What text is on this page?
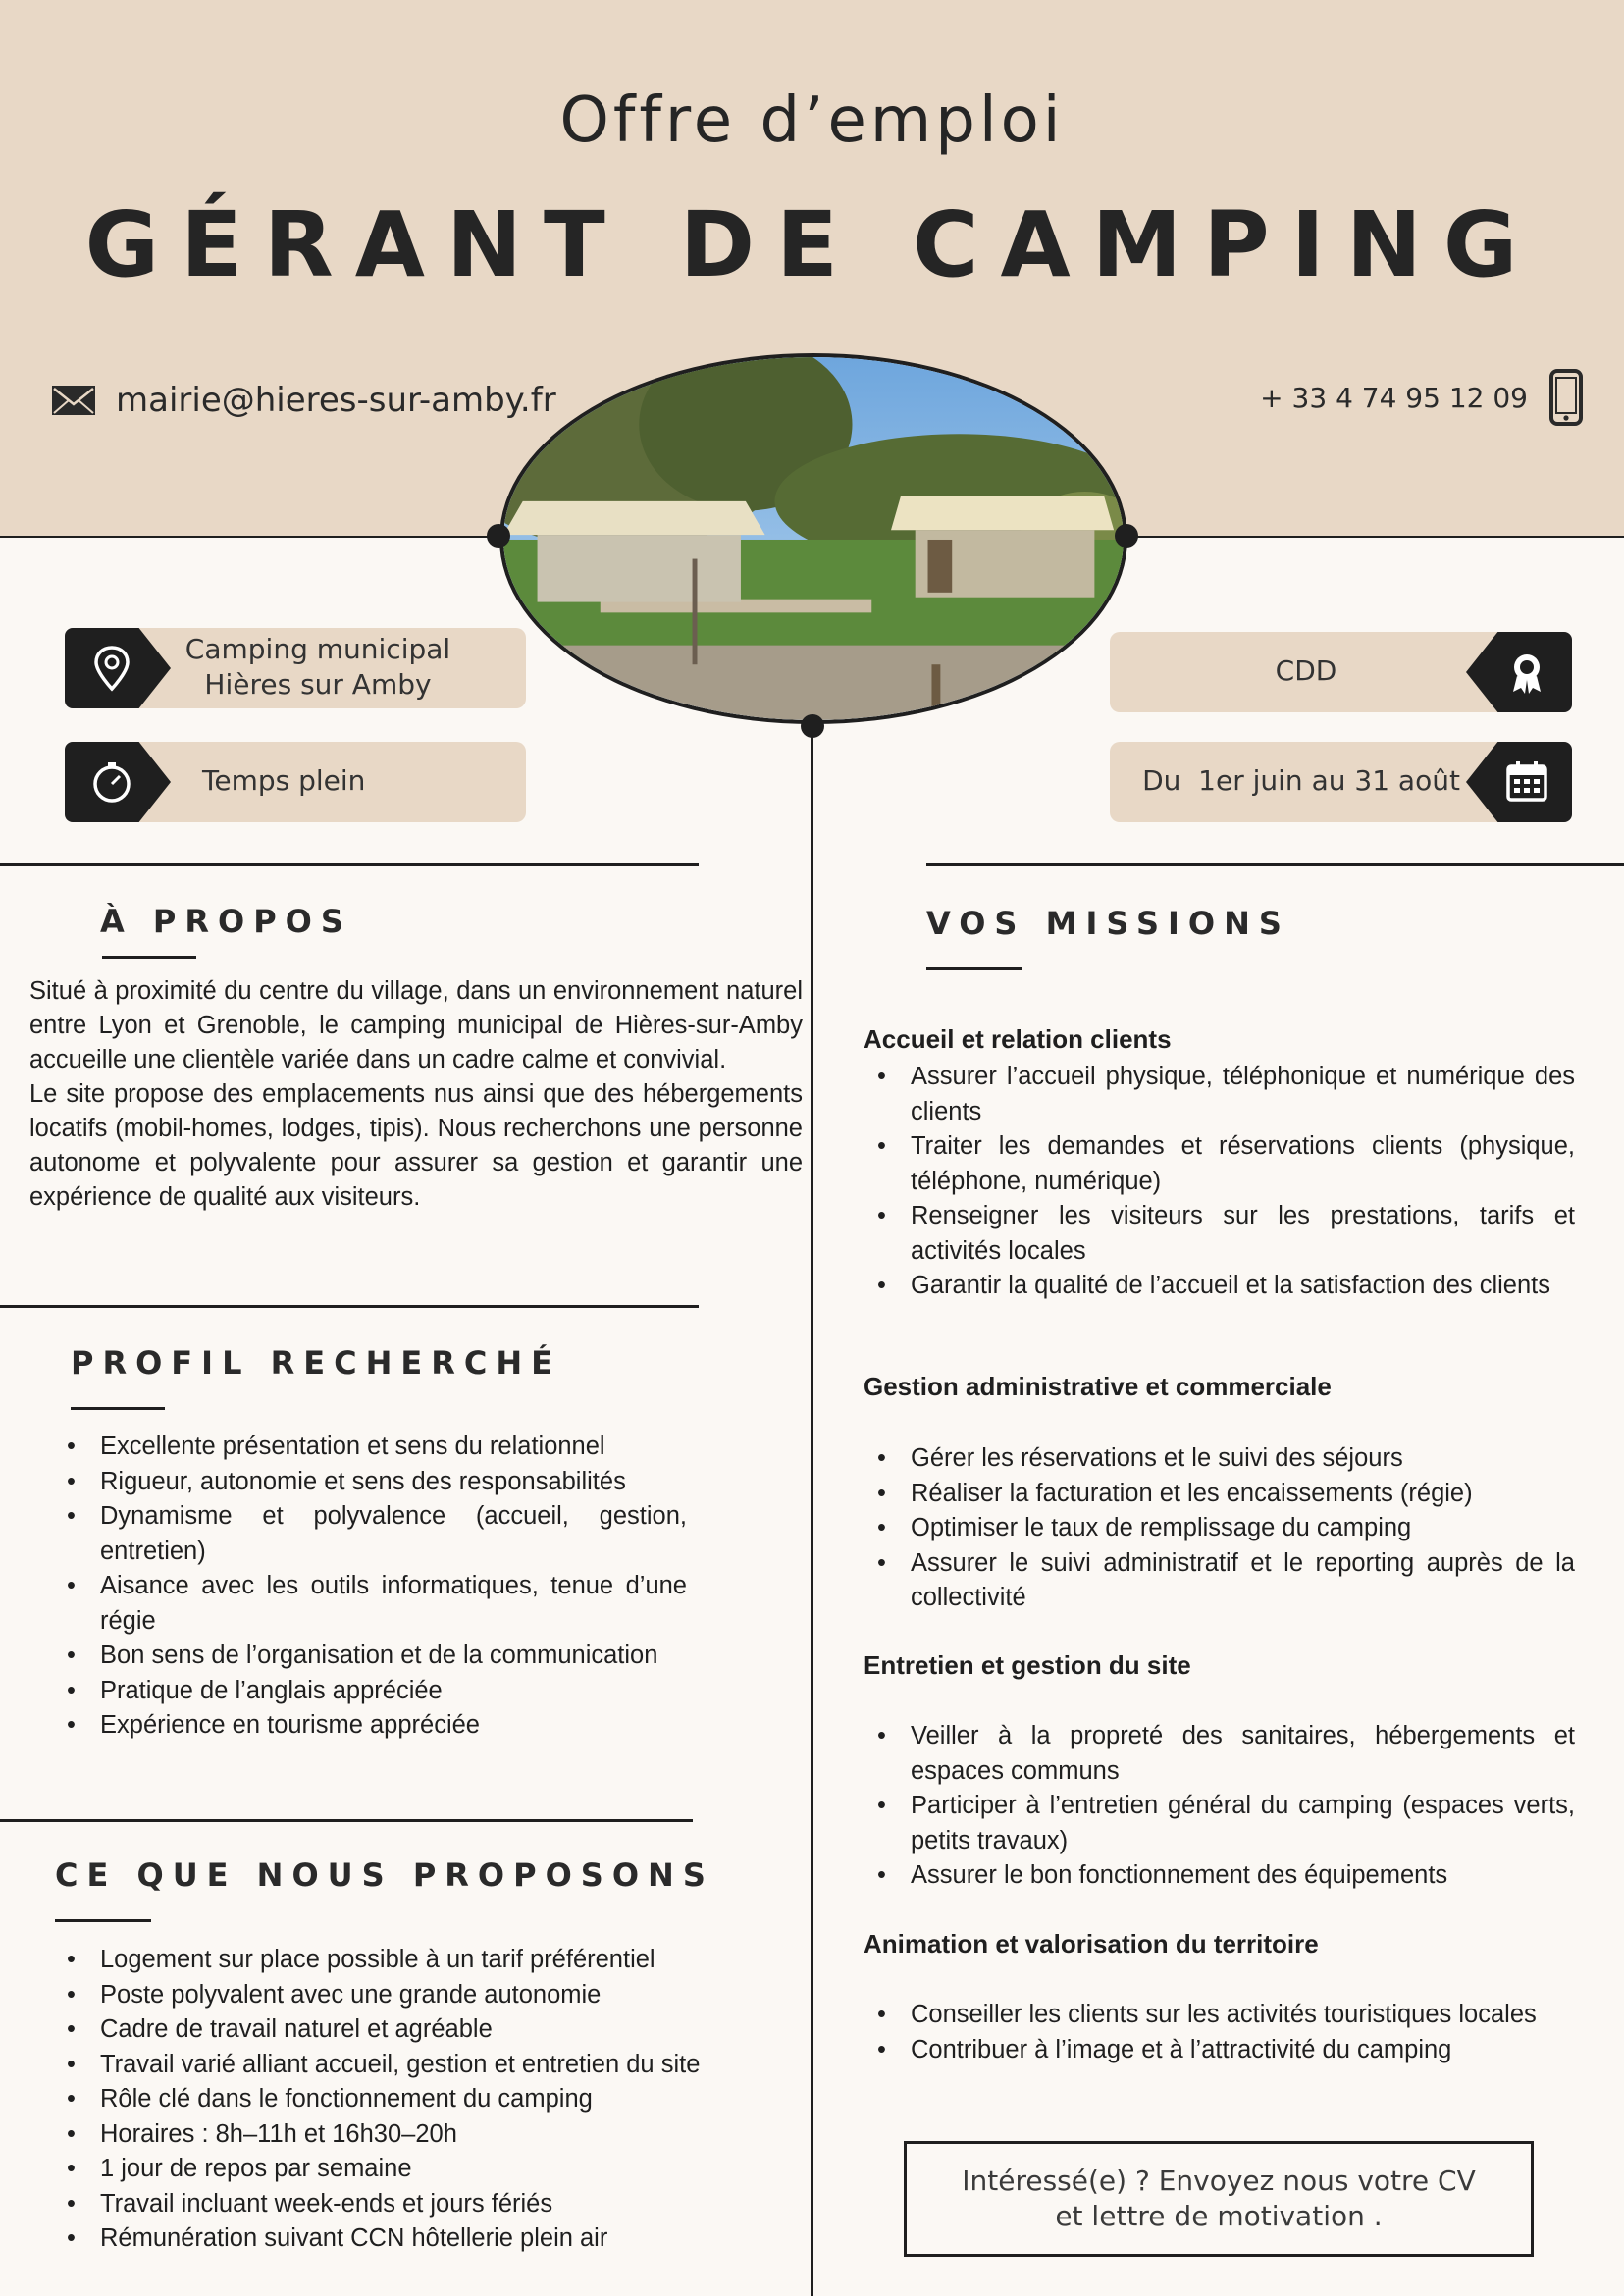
Offre d’emploi
GÉRANT DE CAMPING
mairie@hieres-sur-amby.fr	+ 33 4 74 95 12 09
Camping municipal
Hières sur Amby
Temps plein
CDD
Du  1er juin au 31 août
À PROPOS
Situé à proximité du centre du village, dans un environnement naturel entre Lyon et Grenoble, le camping municipal de Hières-sur-Amby accueille une clientèle variée dans un cadre calme et convivial.
Le site propose des emplacements nus ainsi que des hébergements locatifs (mobil-homes, lodges, tipis). Nous recherchons une personne autonome et polyvalente pour assurer sa gestion et garantir une expérience de qualité aux visiteurs.
PROFIL RECHERCHÉ
• Excellente présentation et sens du relationnel
• Rigueur, autonomie et sens des responsabilités
• Dynamisme et polyvalence (accueil, gestion, entretien)
• Aisance avec les outils informatiques, tenue d’une régie
• Bon sens de l’organisation et de la communication
• Pratique de l’anglais appréciée
• Expérience en tourisme appréciée
CE QUE NOUS PROPOSONS
• Logement sur place possible à un tarif préférentiel
• Poste polyvalent avec une grande autonomie
• Cadre de travail naturel et agréable
• Travail varié alliant accueil, gestion et entretien du site
• Rôle clé dans le fonctionnement du camping
• Horaires : 8h–11h et 16h30–20h
• 1 jour de repos par semaine
• Travail incluant week-ends et jours fériés
• Rémunération suivant CCN hôtellerie plein air
VOS MISSIONS
Accueil et relation clients
• Assurer l’accueil physique, téléphonique et numérique des clients
• Traiter les demandes et réservations clients (physique, téléphone, numérique)
• Renseigner les visiteurs sur les prestations, tarifs et activités locales
• Garantir la qualité de l’accueil et la satisfaction des clients
Gestion administrative et commerciale
• Gérer les réservations et le suivi des séjours
• Réaliser la facturation et les encaissements (régie)
• Optimiser le taux de remplissage du camping
• Assurer le suivi administratif et le reporting auprès de la collectivité
Entretien et gestion du site
• Veiller à la propreté des sanitaires, hébergements et espaces communs
• Participer à l’entretien général du camping (espaces verts, petits travaux)
• Assurer le bon fonctionnement des équipements
Animation et valorisation du territoire
• Conseiller les clients sur les activités touristiques locales
• Contribuer à l’image et à l’attractivité du camping
Intéressé(e) ? Envoyez nous votre CV
et lettre de motivation .
